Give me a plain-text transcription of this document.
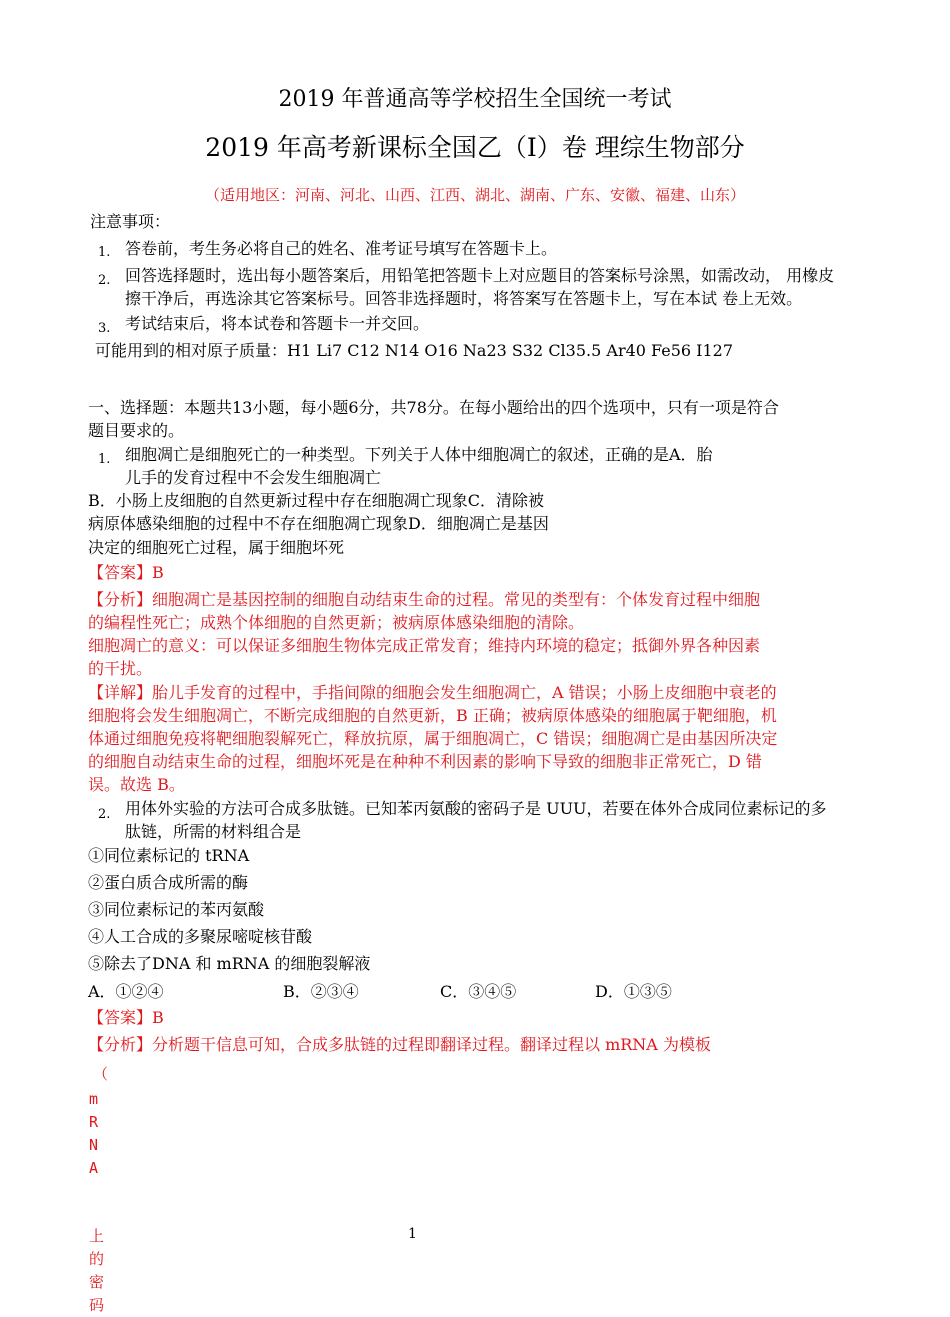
2019 年普通高等学校招生全国统一考试
2019 年高考新课标全国乙（Ⅰ）卷 理综生物部分
（适用地区：河南、河北、山西、江西、湖北、湖南、广东、安徽、福建、山东）
注意事项：
1. 答卷前，考生务必将自己的姓名、准考证号填写在答题卡上。
2. 回答选择题时，选出每小题答案后，用铅笔把答题卡上对应题目的答案标号涂黑，如需改动， 用橡皮
擦干净后，再选涂其它答案标号。回答非选择题时，将答案写在答题卡上，写在本试 卷上无效。
3. 考试结束后，将本试卷和答题卡一并交回。
可能用到的相对原子质量：H1 Li7 C12 N14 O16 Na23 S32 Cl35.5 Ar40 Fe56 I127
一、选择题：本题共13小题，每小题6分，共78分。在每小题给出的四个选项中，只有一项是符合
题目要求的。
1. 细胞凋亡是细胞死亡的一种类型。下列关于人体中细胞凋亡的叙述，正确的是A．胎
儿手的发育过程中不会发生细胞凋亡
B．小肠上皮细胞的自然更新过程中存在细胞凋亡现象C．清除被
病原体感染细胞的过程中不存在细胞凋亡现象D．细胞凋亡是基因
决定的细胞死亡过程，属于细胞坏死
【答案】B
【分析】细胞凋亡是基因控制的细胞自动结束生命的过程。常见的类型有：个体发育过程中细胞
的编程性死亡；成熟个体细胞的自然更新；被病原体感染细胞的清除。
细胞凋亡的意义：可以保证多细胞生物体完成正常发育；维持内环境的稳定；抵御外界各种因素
的干扰。
【详解】胎儿手发育的过程中，手指间隙的细胞会发生细胞凋亡，A 错误；小肠上皮细胞中衰老的
细胞将会发生细胞凋亡，不断完成细胞的自然更新，B 正确；被病原体感染的细胞属于靶细胞，机
体通过细胞免疫将靶细胞裂解死亡，释放抗原，属于细胞凋亡，C 错误；细胞凋亡是由基因所决定
的细胞自动结束生命的过程，细胞坏死是在种种不利因素的影响下导致的细胞非正常死亡，D 错
误。故选 B。
2. 用体外实验的方法可合成多肽链。已知苯丙氨酸的密码子是 UUU，若要在体外合成同位素标记的多
肽链，所需的材料组合是
①同位素标记的 tRNA
②蛋白质合成所需的酶
③同位素标记的苯丙氨酸
④人工合成的多聚尿嘧啶核苷酸
⑤除去了DNA 和 mRNA 的细胞裂解液
A．①②④	B．②③④	C．③④⑤	D．①③⑤
【答案】B
【分析】分析题干信息可知，合成多肽链的过程即翻译过程。翻译过程以 mRNA 为模板
（
m
R
N
A
上
的
密
码
1
